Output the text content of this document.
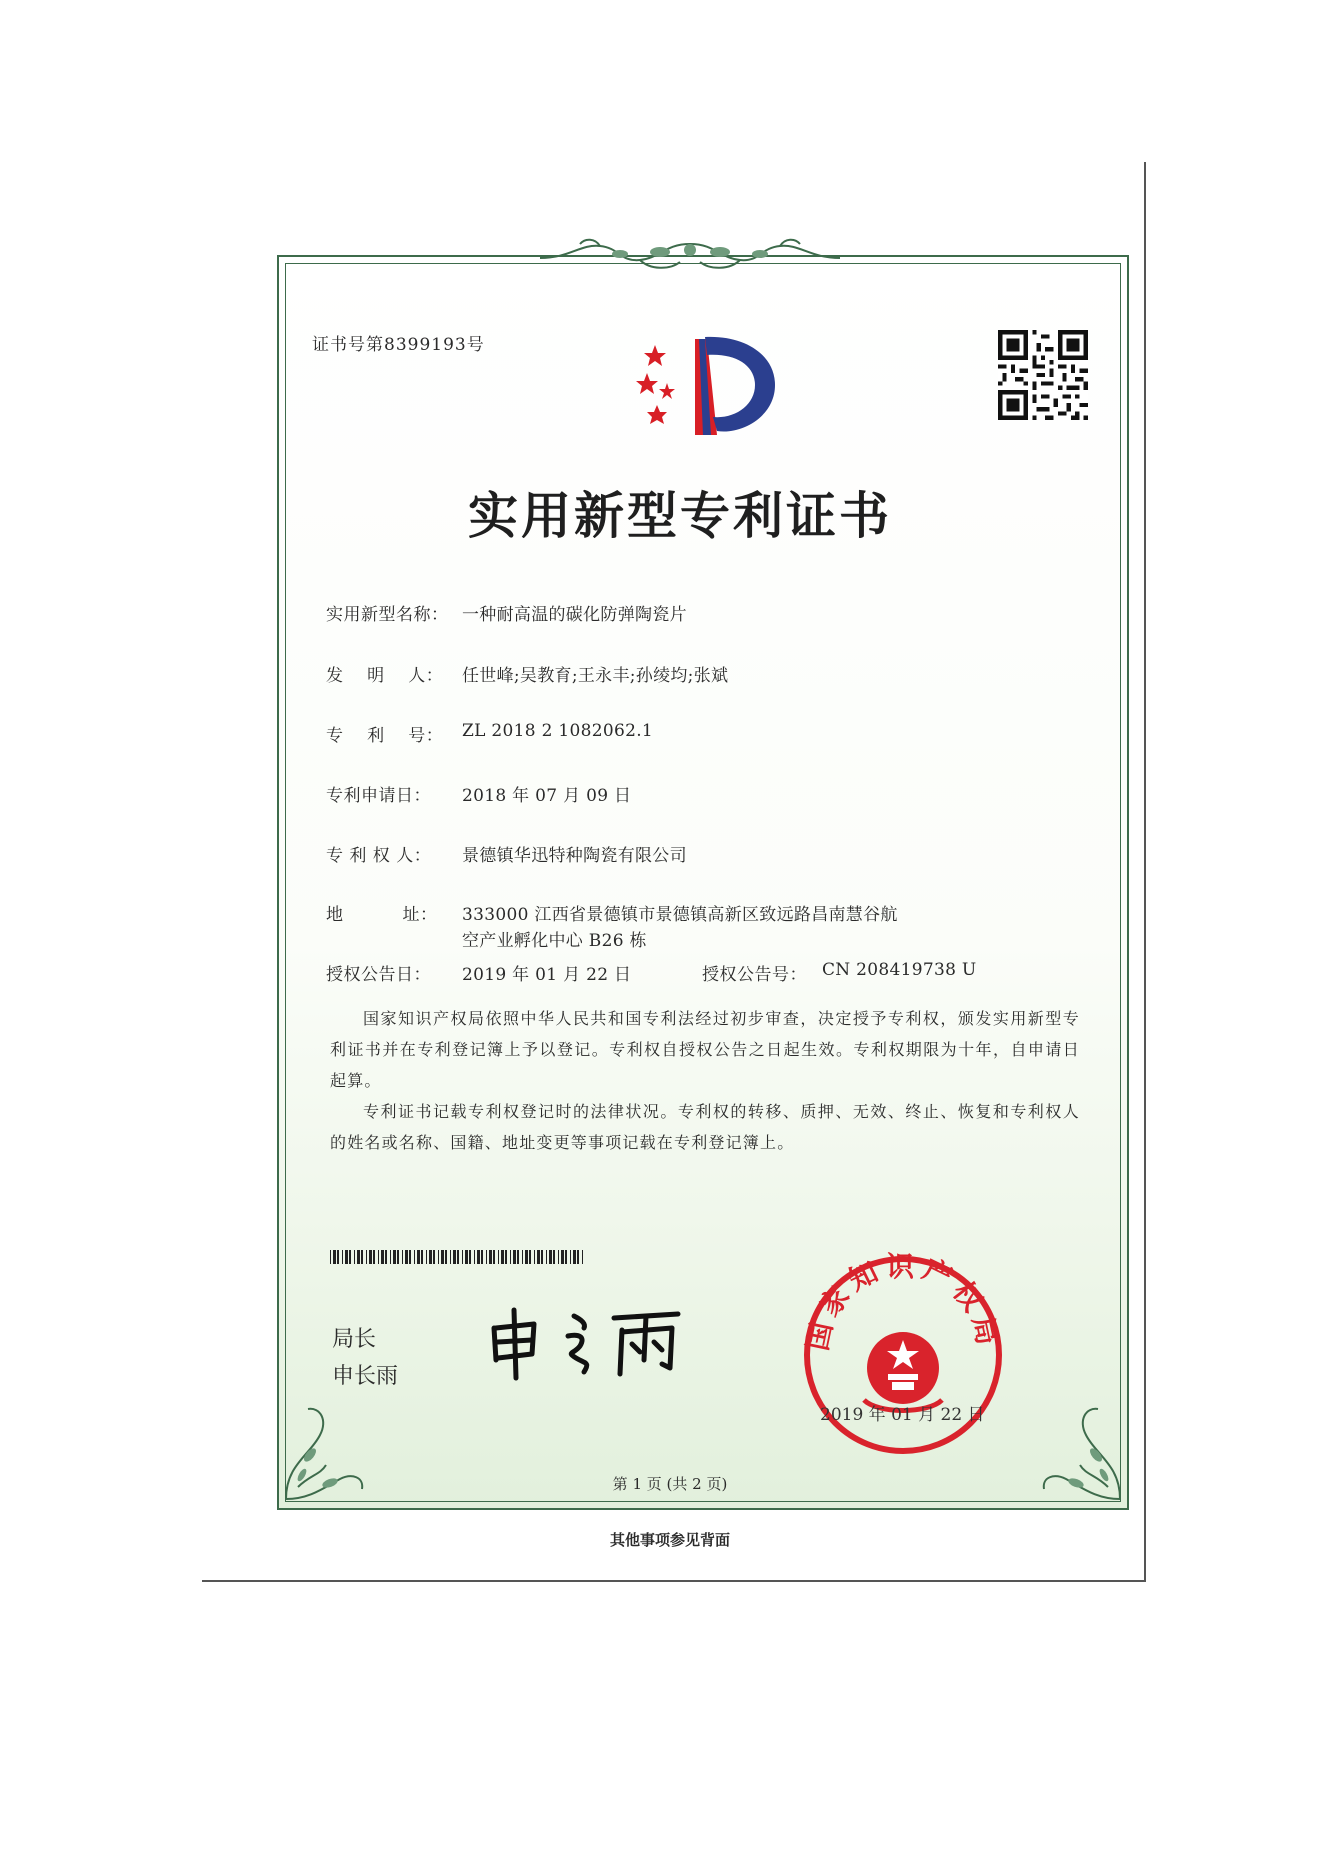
证书号第8399193号
实用新型专利证书
实用新型名称： 一种耐高温的碳化防弹陶瓷片
发    明    人： 任世峰;吴教育;王永丰;孙绫均;张斌
专    利    号： ZL 2018 2 1082062.1
专利申请日： 2018 年 07 月 09 日
专 利 权 人： 景德镇华迅特种陶瓷有限公司
地          址： 333000 江西省景德镇市景德镇高新区致远路昌南慧谷航
空产业孵化中心 B26 栋
授权公告日： 2019 年 01 月 22 日	授权公告号： CN 208419738 U
国家知识产权局依照中华人民共和国专利法经过初步审查，决定授予专利权，颁发实用新型专利证书并在专利登记簿上予以登记。专利权自授权公告之日起生效。专利权期限为十年，自申请日起算。
专利证书记载专利权登记时的法律状况。专利权的转移、质押、无效、终止、恢复和专利权人的姓名或名称、国籍、地址变更等事项记载在专利登记簿上。
局长
申长雨
国家知识产权局
2019 年 01 月 22 日
第 1 页 (共 2 页)
其他事项参见背面
